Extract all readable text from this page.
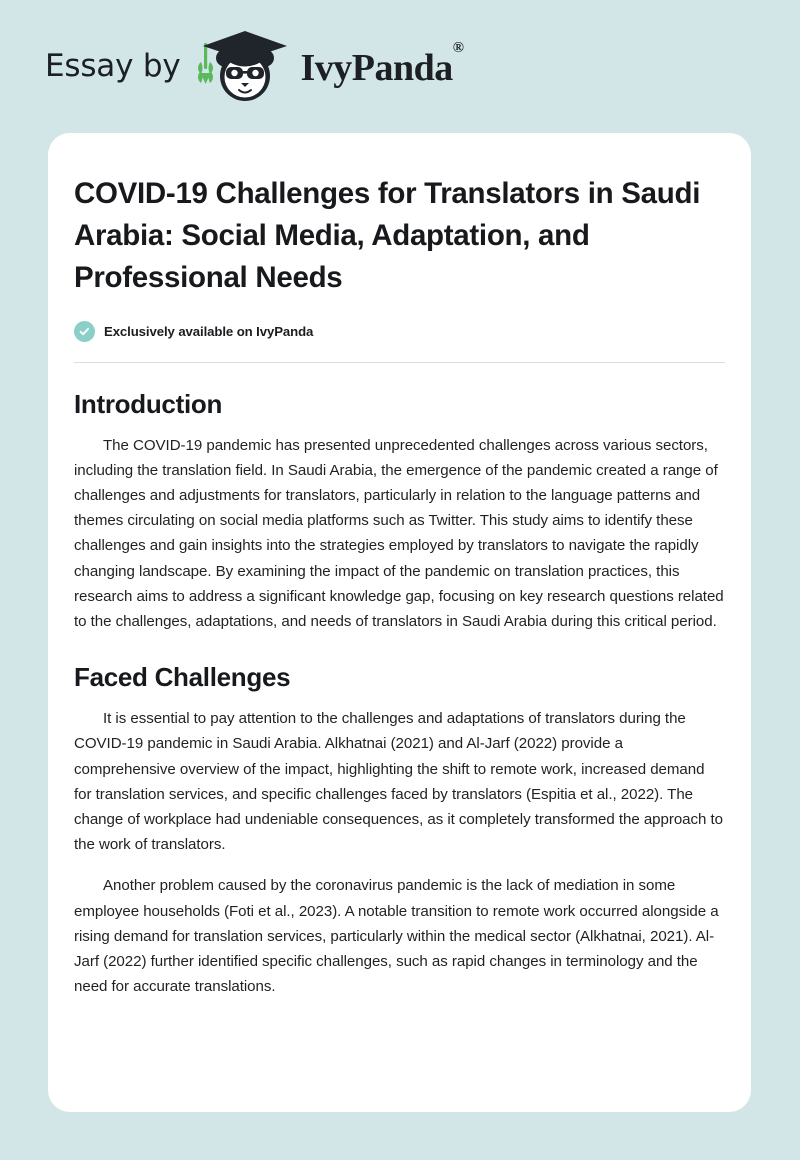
Essay by	IvyPanda®
COVID-19 Challenges for Translators in Saudi Arabia: Social Media, Adaptation, and Professional Needs
Exclusively available on IvyPanda
Introduction

The COVID-19 pandemic has presented unprecedented challenges across various sectors, including the translation field. In Saudi Arabia, the emergence of the pandemic created a range of challenges and adjustments for translators, particularly in relation to the language patterns and themes circulating on social media platforms such as Twitter. This study aims to identify these challenges and gain insights into the strategies employed by translators to navigate the rapidly changing landscape. By examining the impact of the pandemic on translation practices, this research aims to address a significant knowledge gap, focusing on key research questions related to the challenges, adaptations, and needs of translators in Saudi Arabia during this critical period.

Faced Challenges

It is essential to pay attention to the challenges and adaptations of translators during the COVID-19 pandemic in Saudi Arabia. Alkhatnai (2021) and Al-Jarf (2022) provide a comprehensive overview of the impact, highlighting the shift to remote work, increased demand for translation services, and specific challenges faced by translators (Espitia et al., 2022). The change of workplace had undeniable consequences, as it completely transformed the approach to the work of translators.

Another problem caused by the coronavirus pandemic is the lack of mediation in some employee households (Foti et al., 2023). A notable transition to remote work occurred alongside a rising demand for translation services, particularly within the medical sector (Alkhatnai, 2021). Al-Jarf (2022) further identified specific challenges, such as rapid changes in terminology and the need for accurate translations.
